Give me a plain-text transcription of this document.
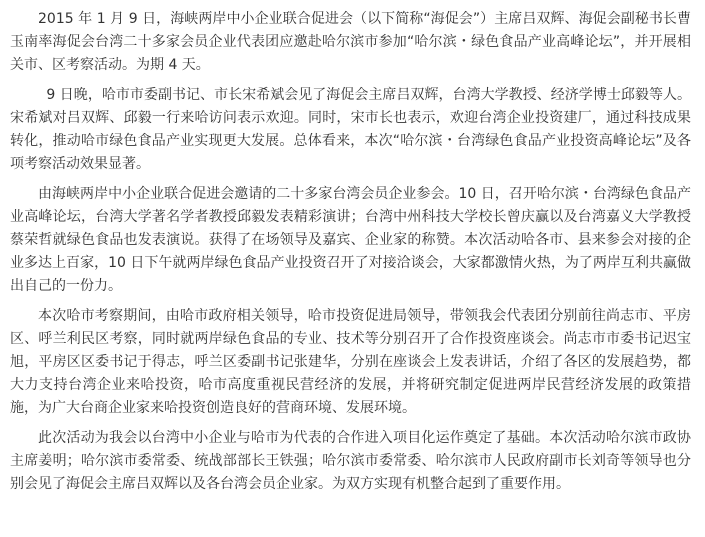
2015 年 1 月 9 日，海峡两岸中小企业联合促进会（以下简称“海促会”）主席吕双辉、海促会副秘书长曹玉南率海促会台湾二十多家会员企业代表团应邀赴哈尔滨市参加“哈尔滨・绿色食品产业高峰论坛”，并开展相关市、区考察活动。为期 4 天。

9 日晚，哈市市委副书记、市长宋希斌会见了海促会主席吕双辉，台湾大学教授、经济学博士邱毅等人。宋希斌对吕双辉、邱毅一行来哈访问表示欢迎。同时，宋市长也表示，欢迎台湾企业投资建厂，通过科技成果转化，推动哈市绿色食品产业实现更大发展。总体看来，本次“哈尔滨・台湾绿色食品产业投资高峰论坛”及各项考察活动效果显著。

由海峡两岸中小企业联合促进会邀请的二十多家台湾会员企业参会。10 日，召开哈尔滨・台湾绿色食品产业高峰论坛，台湾大学著名学者教授邱毅发表精彩演讲；台湾中州科技大学校长曾庆赢以及台湾嘉义大学教授蔡荣哲就绿色食品也发表演说。获得了在场领导及嘉宾、企业家的称赞。本次活动哈各市、县来参会对接的企业多达上百家，10 日下午就两岸绿色食品产业投资召开了对接洽谈会，大家都激情火热，为了两岸互利共赢做出自己的一份力。

本次哈市考察期间，由哈市政府相关领导，哈市投资促进局领导，带领我会代表团分别前往尚志市、平房区、呼兰利民区考察，同时就两岸绿色食品的专业、技术等分别召开了合作投资座谈会。尚志市市委书记迟宝旭，平房区区委书记于得志，呼兰区委副书记张建华，分别在座谈会上发表讲话，介绍了各区的发展趋势，都大力支持台湾企业来哈投资，哈市高度重视民营经济的发展，并将研究制定促进两岸民营经济发展的政策措施，为广大台商企业家来哈投资创造良好的营商环境、发展环境。

此次活动为我会以台湾中小企业与哈市为代表的合作进入项目化运作奠定了基础。本次活动哈尔滨市政协主席姜明；哈尔滨市委常委、统战部部长王铁强；哈尔滨市委常委、哈尔滨市人民政府副市长刘奇等领导也分别会见了海促会主席吕双辉以及各台湾会员企业家。为双方实现有机整合起到了重要作用。
